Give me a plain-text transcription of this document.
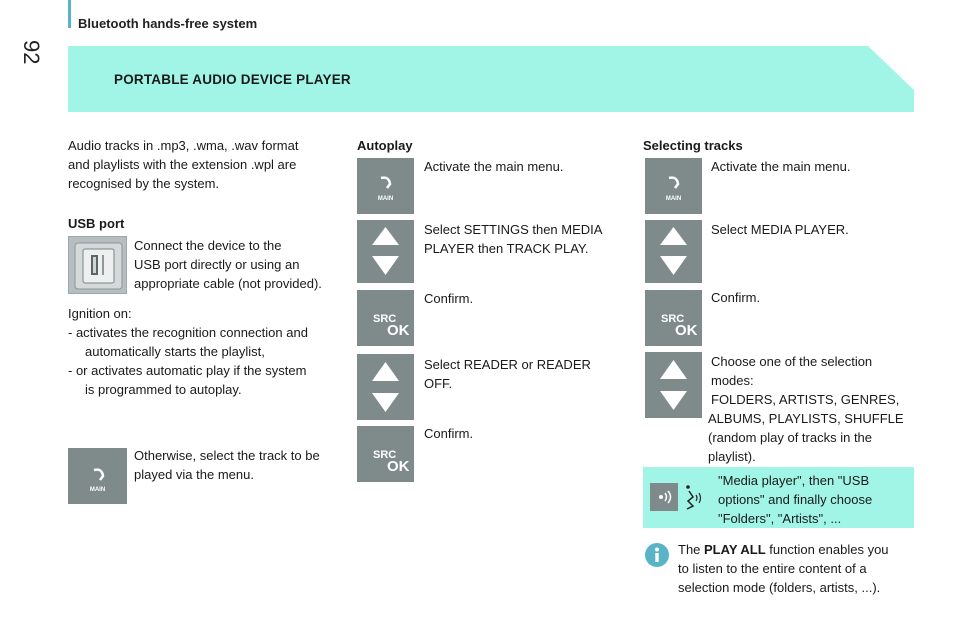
Bluetooth hands-free system
92
PORTABLE AUDIO DEVICE PLAYER
Audio tracks in .mp3, .wma, .wav format
and playlists with the extension .wpl are
recognised by the system.
USB port
Connect the device to the
USB port directly or using an
appropriate cable (not provided).
Ignition on:
- activates the recognition connection and
automatically starts the playlist,
- or activates automatic play if the system
is programmed to autoplay.
MAIN
Otherwise, select the track to be
played via the menu.
Autoplay
MAIN
Activate the main menu.
Select SETTINGS then MEDIA
PLAYER then TRACK PLAY.
SRC
OK
Confirm.
Select READER or READER
OFF.
SRC
OK
Confirm.
Selecting tracks
MAIN
Activate the main menu.
Select MEDIA PLAYER.
SRC
OK
Confirm.
Choose one of the selection
modes:
FOLDERS, ARTISTS, GENRES,
ALBUMS, PLAYLISTS, SHUFFLE
(random play of tracks in the
playlist).
"Media player", then "USB
options" and finally choose
"Folders", "Artists", ...
The PLAY ALL function enables you
to listen to the entire content of a
selection mode (folders, artists, ...).
